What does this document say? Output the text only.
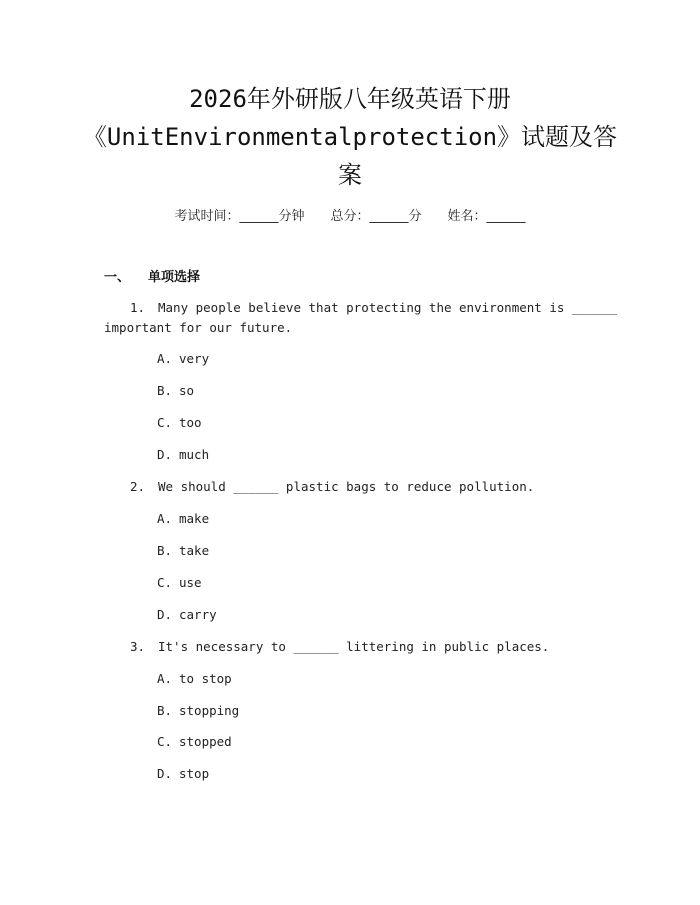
2026年外研版八年级英语下册
《UnitEnvironmentalprotection》试题及答
案
考试时间：______分钟 总分：______分 姓名：______
一、 单项选择
1. Many people believe that protecting the environment is ______
important for our future.
A. very
B. so
C. too
D. much
2. We should ______ plastic bags to reduce pollution.
A. make
B. take
C. use
D. carry
3. It's necessary to ______ littering in public places.
A. to stop
B. stopping
C. stopped
D. stop
